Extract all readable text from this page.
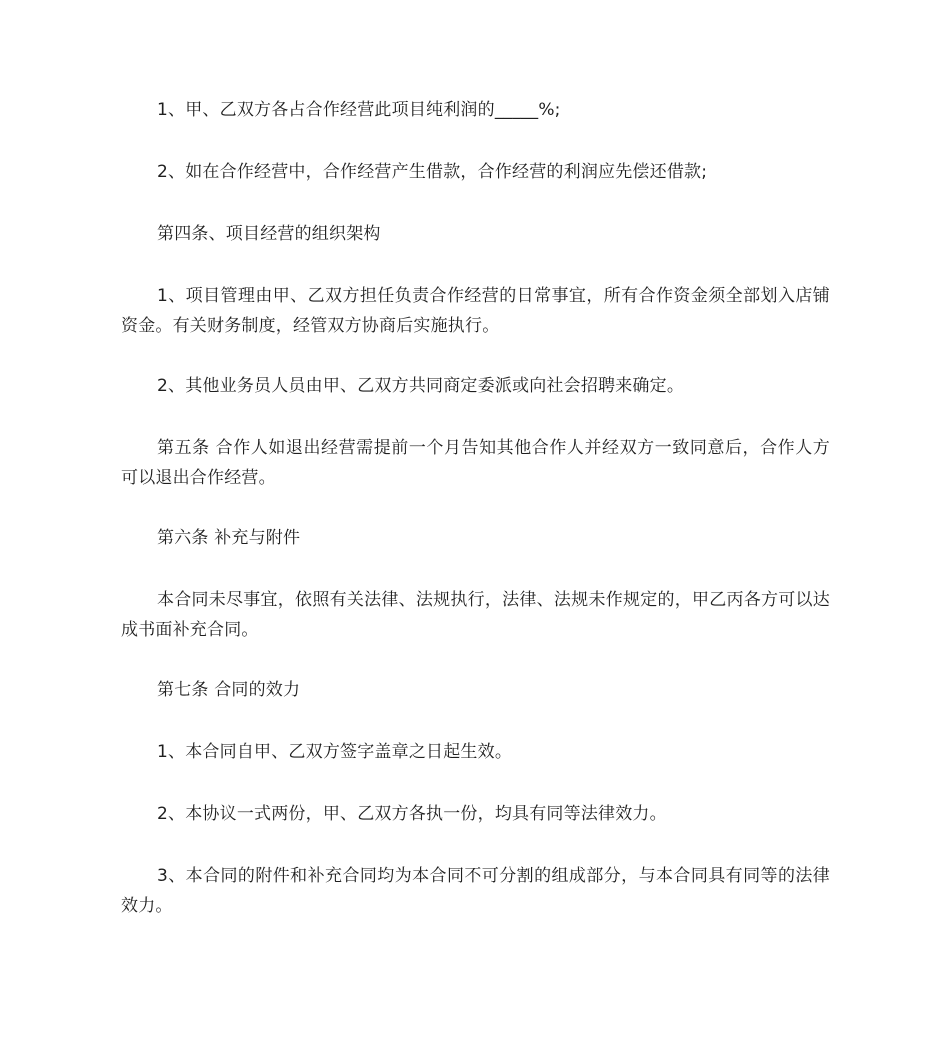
1、甲、乙双方各占合作经营此项目纯利润的_____%;

2、如在合作经营中，合作经营产生借款，合作经营的利润应先偿还借款;

第四条、项目经营的组织架构

1、项目管理由甲、乙双方担任负责合作经营的日常事宜，所有合作资金须全部划入店铺资金。有关财务制度，经管双方协商后实施执行。

2、其他业务员人员由甲、乙双方共同商定委派或向社会招聘来确定。

第五条 合作人如退出经营需提前一个月告知其他合作人并经双方一致同意后，合作人方可以退出合作经营。

第六条 补充与附件

本合同未尽事宜，依照有关法律、法规执行，法律、法规未作规定的，甲乙丙各方可以达成书面补充合同。

第七条 合同的效力

1、本合同自甲、乙双方签字盖章之日起生效。

2、本协议一式两份，甲、乙双方各执一份，均具有同等法律效力。

3、本合同的附件和补充合同均为本合同不可分割的组成部分，与本合同具有同等的法律效力。
